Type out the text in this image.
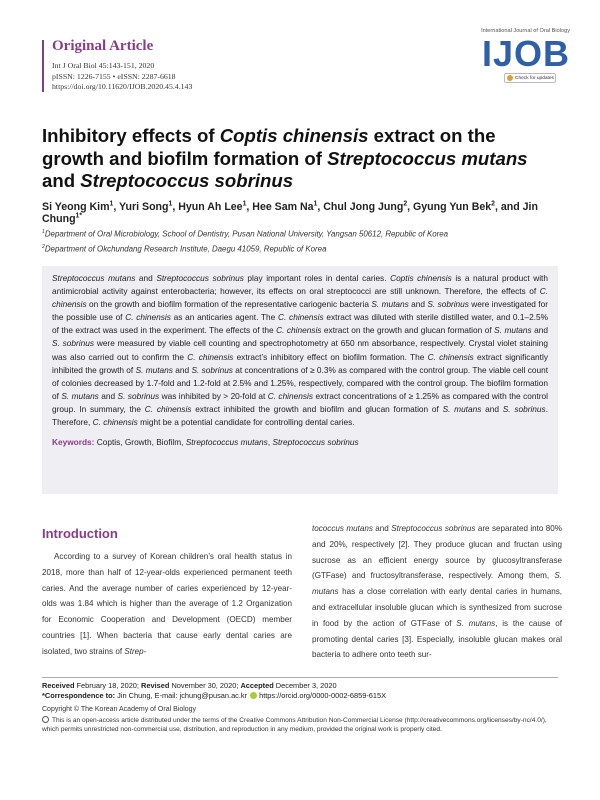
Original Article
Int J Oral Biol 45:143-151, 2020
pISSN: 1226-7155 • eISSN: 2287-6618
https://doi.org/10.11620/IJOB.2020.45.4.143
International Journal of Oral Biology
IJOB
Check for updates
Inhibitory effects of Coptis chinensis extract on the growth and biofilm formation of Streptococcus mutans and Streptococcus sobrinus
Si Yeong Kim$^1$, Yuri Song$^1$, Hyun Ah Lee$^1$, Hee Sam Na$^1$, Chul Jong Jung$^2$, Gyung Yun Bek$^2$, and Jin Chung$^{1*}$
$^1$Department of Oral Microbiology, School of Dentistry, Pusan National University, Yangsan 50612, Republic of Korea
$^2$Department of Okchundang Research Institute, Daegu 41059, Republic of Korea

Streptococcus mutans and Streptococcus sobrinus play important roles in dental caries. Coptis chinensis is a natural product with antimicrobial activity against enterobacteria; however, its effects on oral streptococci are still unknown. Therefore, the effects of C. chinensis on the growth and biofilm formation of the representative cariogenic bacteria S. mutans and S. sobrinus were investigated for the possible use of C. chinensis as an anticaries agent. The C. chinensis extract was diluted with sterile distilled water, and 0.1–2.5% of the extract was used in the experiment. The effects of the C. chinensis extract on the growth and glucan formation of S. mutans and S. sobrinus were measured by viable cell counting and spectrophotometry at 650 nm absorbance, respectively. Crystal violet staining was also carried out to confirm the C. chinensis extract’s inhibitory effect on biofilm formation. The C. chinensis extract significantly inhibited the growth of S. mutans and S. sobrinus at concentrations of ≥ 0.3% as compared with the control group. The viable cell count of colonies decreased by 1.7-fold and 1.2-fold at 2.5% and 1.25%, respectively, compared with the control group. The biofilm formation of S. mutans and S. sobrinus was inhibited by > 20-fold at C. chinensis extract concentrations of ≥ 1.25% as compared with the control group. In summary, the C. chinensis extract inhibited the growth and biofilm and glucan formation of S. mutans and S. sobrinus. Therefore, C. chinensis might be a potential candidate for controlling dental caries.

Keywords: Coptis, Growth, Biofilm, Streptococcus mutans, Streptococcus sobrinus

Introduction

According to a survey of Korean children’s oral health status in 2018, more than half of 12-year-olds experienced permanent teeth caries. And the average number of caries experienced by 12-year-olds was 1.84 which is higher than the average of 1.2 Organization for Economic Cooperation and Development (OECD) member countries [1]. When bacteria that cause early dental caries are isolated, two strains of Strep-

tococcus mutans and Streptococcus sobrinus are separated into 80% and 20%, respectively [2]. They produce glucan and fructan using sucrose as an efficient energy source by glucosyltransferase (GTFase) and fructosyltransferase, respectively. Among them, S. mutans has a close correlation with early dental caries in humans, and extracellular insoluble glucan which is synthesized from sucrose in food by the action of GTFase of S. mutans, is the cause of promoting dental caries [3]. Especially, insoluble glucan makes oral bacteria to adhere onto teeth sur-

Received February 18, 2020; Revised November 30, 2020; Accepted December 3, 2020
*Correspondence to: Jin Chung, E-mail: jchung@pusan.ac.kr https://orcid.org/0000-0002-6859-615X
Copyright © The Korean Academy of Oral Biology
This is an open-access article distributed under the terms of the Creative Commons Attribution Non-Commercial License (http://creativecommons.org/licenses/by-nc/4.0/), which permits unrestricted non-commercial use, distribution, and reproduction in any medium, provided the original work is properly cited.
